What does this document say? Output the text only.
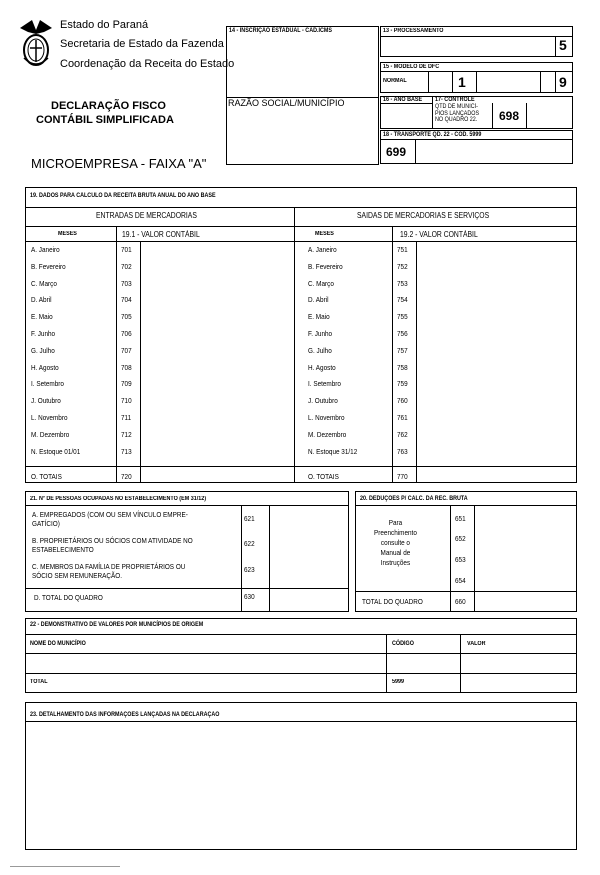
Estado do Paraná
Secretaria de Estado da Fazenda
Coordenação da Receita do Estado
DECLARAÇÃO FISCO
CONTÁBIL SIMPLIFICADA
MICROEMPRESA - FAIXA "A"
14 - INSCRIÇÃO ESTADUAL - CAD.ICMS
RAZÃO SOCIAL/MUNICÍPIO
13 - PROCESSAMENTO
5
15 - MODELO DE DFC
NORMAL	1	9
16 - ANO BASE 17- CONTROLE
QTD DE MUNICÍ-
PIOS LANÇADOS
NO QUADRO 22. 698
18 - TRANSPORTE QD. 22 - CÓD. 5999
699
19. DADOS PARA CÁLCULO DA RECEITA BRUTA ANUAL DO ANO BASE
ENTRADAS DE MERCADORIAS	SAIDAS DE MERCADORIAS E SERVIÇOS
MESES	19.1 - VALOR CONTÁBIL	MESES	19.2 - VALOR CONTÁBIL
A. Janeiro	701	A. Janeiro	751
B. Fevereiro	702	B. Fevereiro	752
C. Março	703	C. Março	753
D. Abril	704	D. Abril	754
E. Maio	705	E. Maio	755
F. Junho	706	F. Junho	756
G. Julho	707	G. Julho	757
H. Agosto	708	H. Agosto	758
I. Setembro	709	I. Setembro	759
J. Outubro	710	J. Outubro	760
L. Novembro	711	L. Novembro	761
M. Dezembro	712	M. Dezembro	762
N. Estoque 01/01	713	N. Estoque 31/12	763
O. TOTAIS	720	O. TOTAIS	770
21. Nº DE PESSOAS OCUPADAS NO ESTABELECIMENTO (EM 31/12)
A. EMPREGADOS (COM OU SEM VÍNCULO EMPRE-
GATÍCIO)
621
B. PROPRIETÁRIOS OU SÓCIOS COM ATIVIDADE NO
ESTABELECIMENTO
622
C. MEMBROS DA FAMÍLIA DE PROPRIETÁRIOS OU
SÓCIO SEM REMUNERAÇÃO.
623
D. TOTAL DO QUADRO	630
20. DEDUÇÕES P/ CALC. DA REC. BRUTA
Para
Preenchimento
consulte o
Manual de
Instruções
651
652
653
654
TOTAL DO QUADRO	660
22 - DEMONSTRATIVO DE VALORES POR MUNICÍPIOS DE ORIGEM
NOME DO MUNICÍPIO	CÓDIGO	VALOR
TOTAL	5999
23. DETALHAMENTO DAS INFORMAÇÕES LANÇADAS NA DECLARAÇÃO
